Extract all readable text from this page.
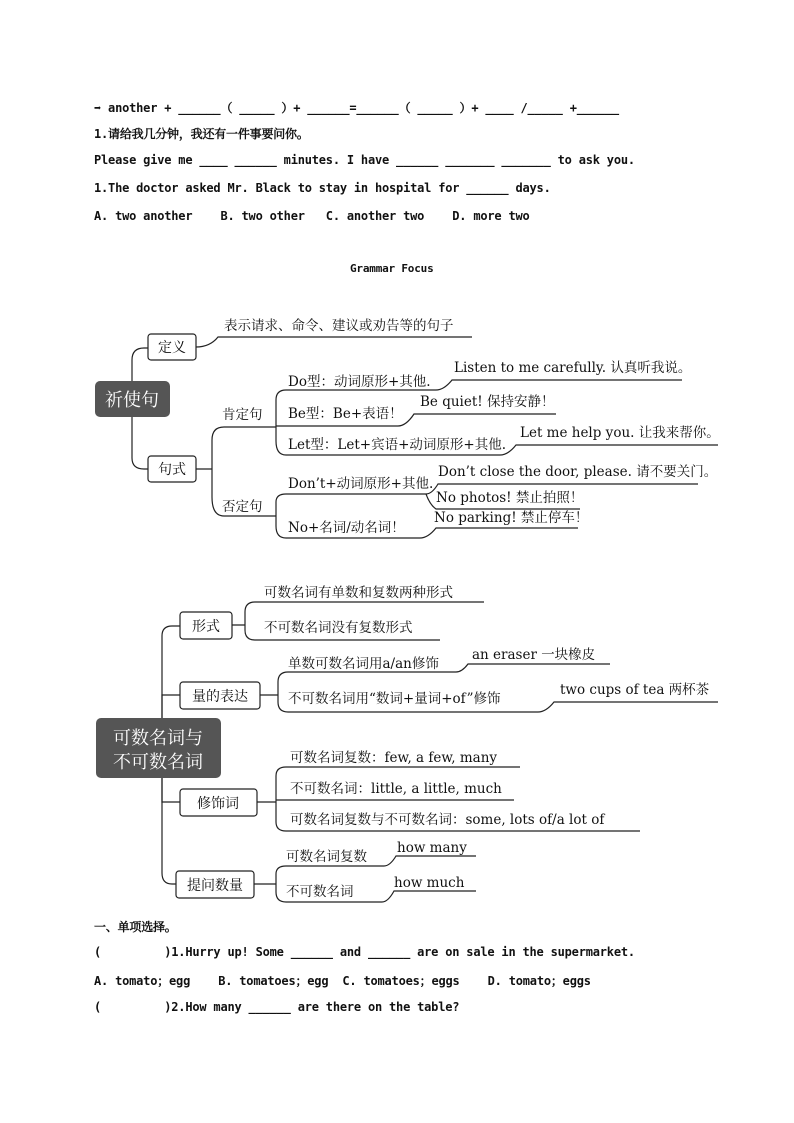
➡ another + ______（ _____ ）+ ______=______（ _____ ）+ ____ /_____ +______
1.请给我几分钟，我还有一件事要问你。
Please give me ____ ______ minutes. I have ______ _______ _______ to ask you.
1.The doctor asked Mr. Black to stay in hospital for ______ days.
A. two another    B. two other   C. another two    D. more two
Grammar Focus
祈使句
定义
表示请求、命令、建议或劝告等的句子
句式
肯定句
否定句
Do型：动词原形+其他.
Listen to me carefully. 认真听我说。
Be型：Be+表语！
Be quiet! 保持安静！
Let型：Let+宾语+动词原形+其他.
Let me help you. 让我来帮你。
Don’t+动词原形+其他.
Don’t close the door, please. 请不要关门。
No photos! 禁止拍照！
No+名词/动名词！
No parking! 禁止停车！
可数名词与
不可数名词
形式
可数名词有单数和复数两种形式
不可数名词没有复数形式
量的表达
单数可数名词用a/an修饰
an eraser 一块橡皮
不可数名词用“数词+量词+of”修饰
two cups of tea 两杯茶
修饰词
可数名词复数：few, a few, many
不可数名词：little, a little, much
可数名词复数与不可数名词：some, lots of/a lot of
提问数量
可数名词复数
how many
不可数名词
how much
一、单项选择。
(         )1.Hurry up! Some ______ and ______ are on sale in the supermarket.
A. tomato；egg    B. tomatoes；egg  C. tomatoes；eggs    D. tomato；eggs
(         )2.How many ______ are there on the table?
